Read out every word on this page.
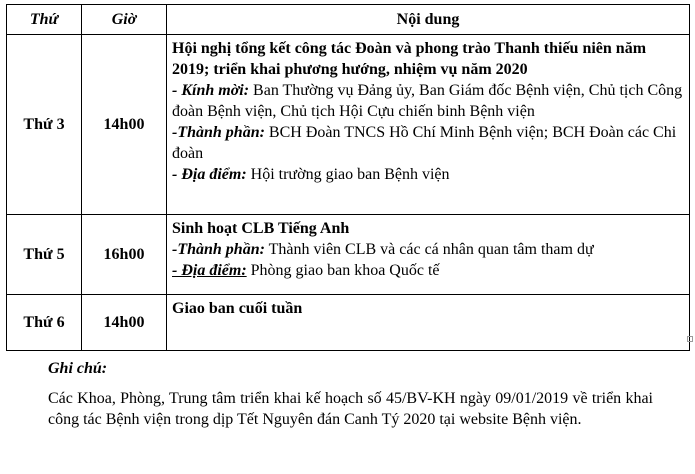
Thứ	Giờ	Nội dung
Thứ 3	14h00	Hội nghị tổng kết công tác Đoàn và phong trào Thanh thiếu niên năm 2019; triển khai phương hướng, nhiệm vụ năm 2020
- Kính mời: Ban Thường vụ Đảng ủy, Ban Giám đốc Bệnh viện, Chủ tịch Công đoàn Bệnh viện, Chủ tịch Hội Cựu chiến binh Bệnh viện
-Thành phần: BCH Đoàn TNCS Hồ Chí Minh Bệnh viện; BCH Đoàn các Chi đoàn
- Địa điểm: Hội trường giao ban Bệnh viện

Thứ 5	16h00	Sinh hoạt CLB Tiếng Anh
-Thành phần: Thành viên CLB và các cá nhân quan tâm tham dự
- Địa điểm: Phòng giao ban khoa Quốc tế

Thứ 6	14h00	Giao ban cuối tuần
Ghi chú:
Các Khoa, Phòng, Trung tâm triển khai kế hoạch số 45/BV-KH ngày 09/01/2019 về triển khai công tác Bệnh viện trong dịp Tết Nguyên đán Canh Tý 2020 tại website Bệnh viện.
